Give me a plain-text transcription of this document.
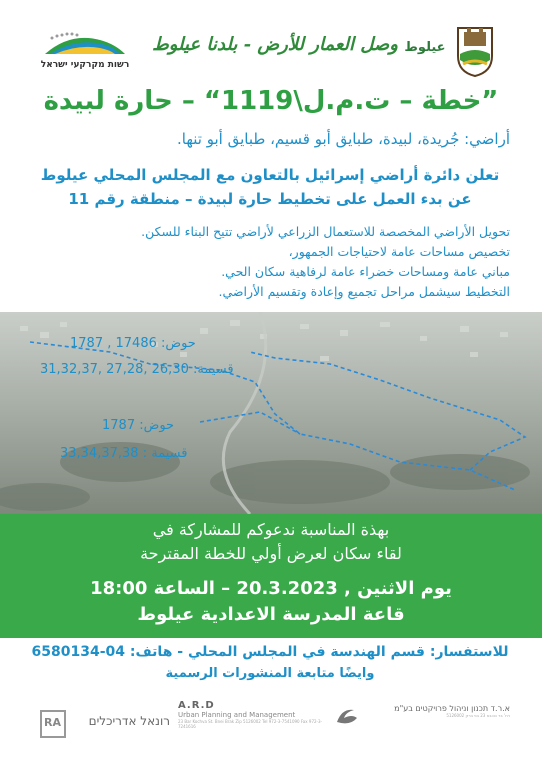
רשות מקרקעי ישראל
وصل العمار للأرض - بلدنا عيلوط عيلوط
”خطة – ت.م.ل\1119“ – حارة لبيدة
أراضي: جُريدة، لبيدة، طبايق أبو قسيم، طبايق أبو تنها.
تعلن دائرة أراضي إسرائيل بالتعاون مع المجلس المحلي عيلوط
عن بدء العمل على تخطيط حارة لبيدة – منطقة رقم 11
تحويل الأراضي المخصصة للاستعمال الزراعي لأراضي تتيح البناء للسكن.
تخصيص مساحات عامة لاحتياجات الجمهور،
مباني عامة ومساحات خضراء عامة لرفاهية سكان الحي.
التخطيط سيشمل مراحل تجميع وإعادة وتقسيم الأراضي.
حوض: 17486 , 1787
قسيمة: 26,30 ,27,28 ,31,32,37
حوض: 1787
قسيمة : 33,34,37,38
بهذة المناسبة ندعوكم للمشاركة في
لقاء سكان لعرض أولي للخطة المقترحة
يوم الاثنين , 20.3.2023 – الساعة 18:00
قاعة المدرسة الاعدادية عيلوط
للاستفسار: قسم الهندسة في المجلس المحلي - هاتف: 04-6580134
وايضًا متابعة المنشورات الرسمية
RA רונאל אדריכלים
A.R.D
Urban Planning and Management
23 Bar Kochva St. Bnei Brak Zip 5126002 Tel 972-3-7541090 Fax 972-3-7241616
א.ר.ד תכנון וניהול פרויקטים בע"מ
רח' בר כוכבא 23 בני ברק 5126002
